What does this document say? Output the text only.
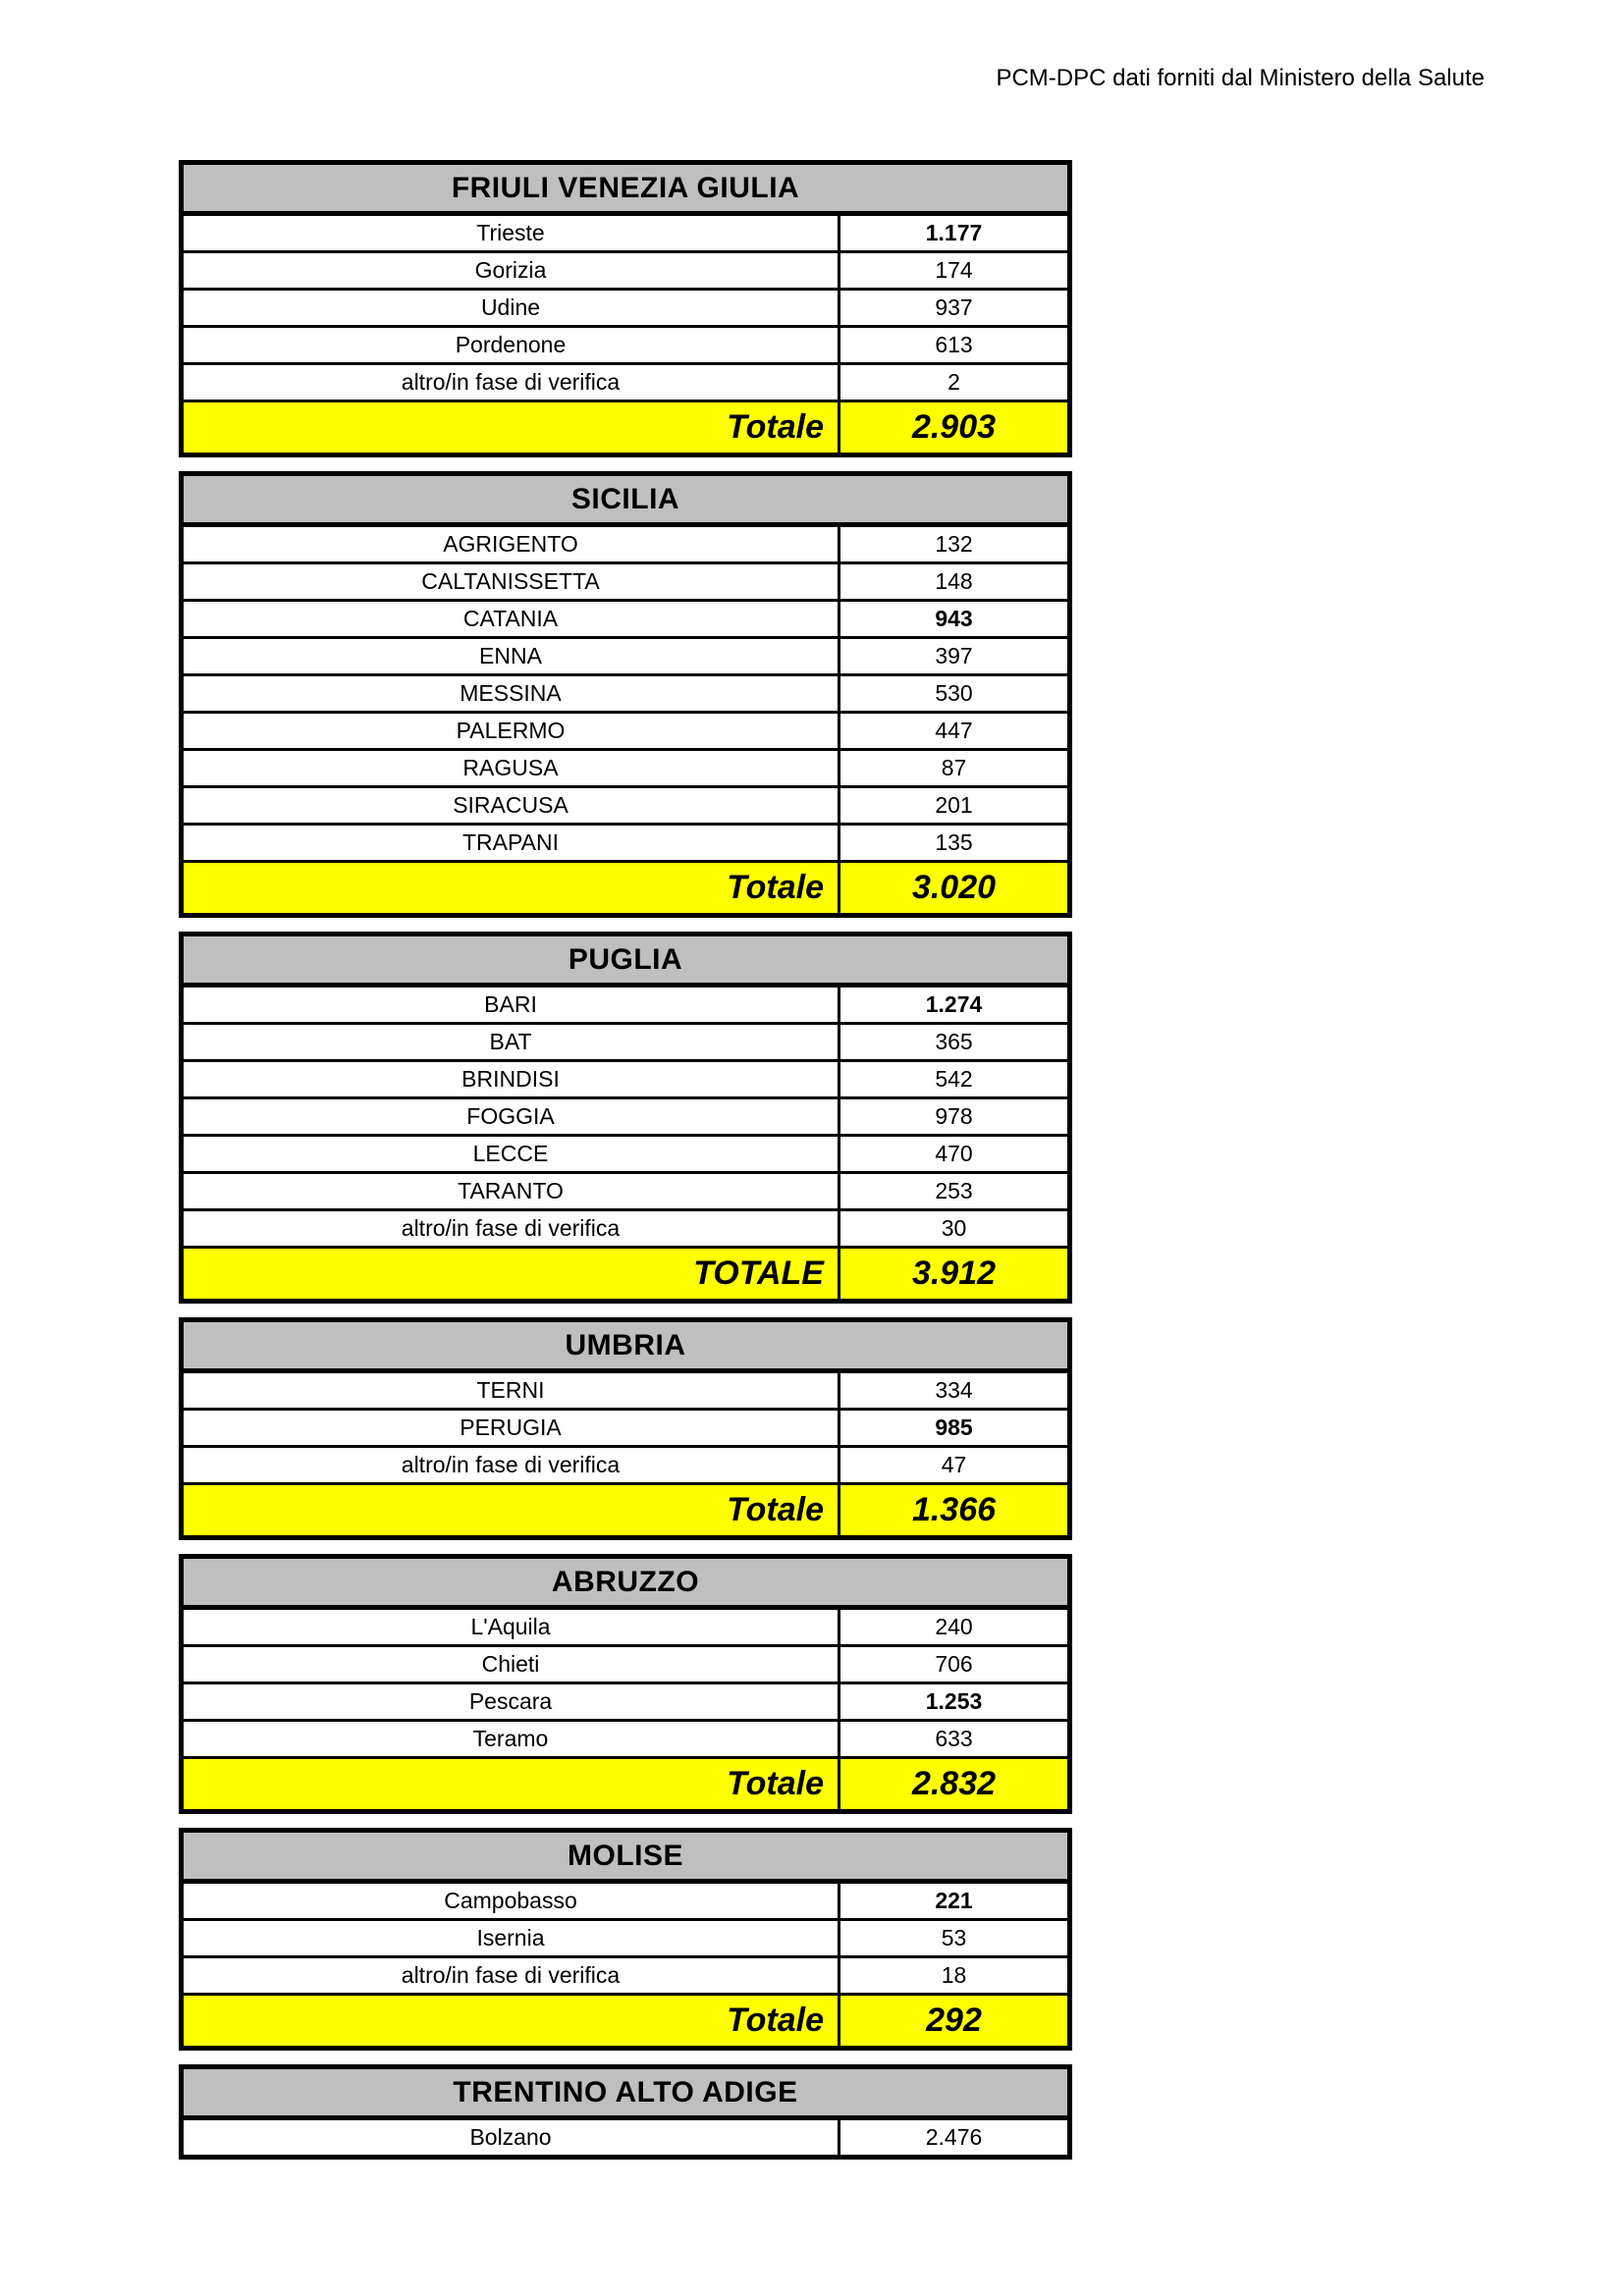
PCM-DPC dati forniti dal Ministero della Salute
FRIULI VENEZIA GIULIA	
Trieste	1.177
Gorizia	174
Udine	937
Pordenone	613
altro/in fase di verifica	2
Totale	2.903
SICILIA	
AGRIGENTO	132
CALTANISSETTA	148
CATANIA	943
ENNA	397
MESSINA	530
PALERMO	447
RAGUSA	87
SIRACUSA	201
TRAPANI	135
Totale	3.020
PUGLIA	
BARI	1.274
BAT	365
BRINDISI	542
FOGGIA	978
LECCE	470
TARANTO	253
altro/in fase di verifica	30
TOTALE	3.912
UMBRIA	
TERNI	334
PERUGIA	985
altro/in fase di verifica	47
Totale	1.366
ABRUZZO	
L'Aquila	240
Chieti	706
Pescara	1.253
Teramo	633
Totale	2.832
MOLISE	
Campobasso	221
Isernia	53
altro/in fase di verifica	18
Totale	292
TRENTINO ALTO ADIGE
Bolzano	2.476
